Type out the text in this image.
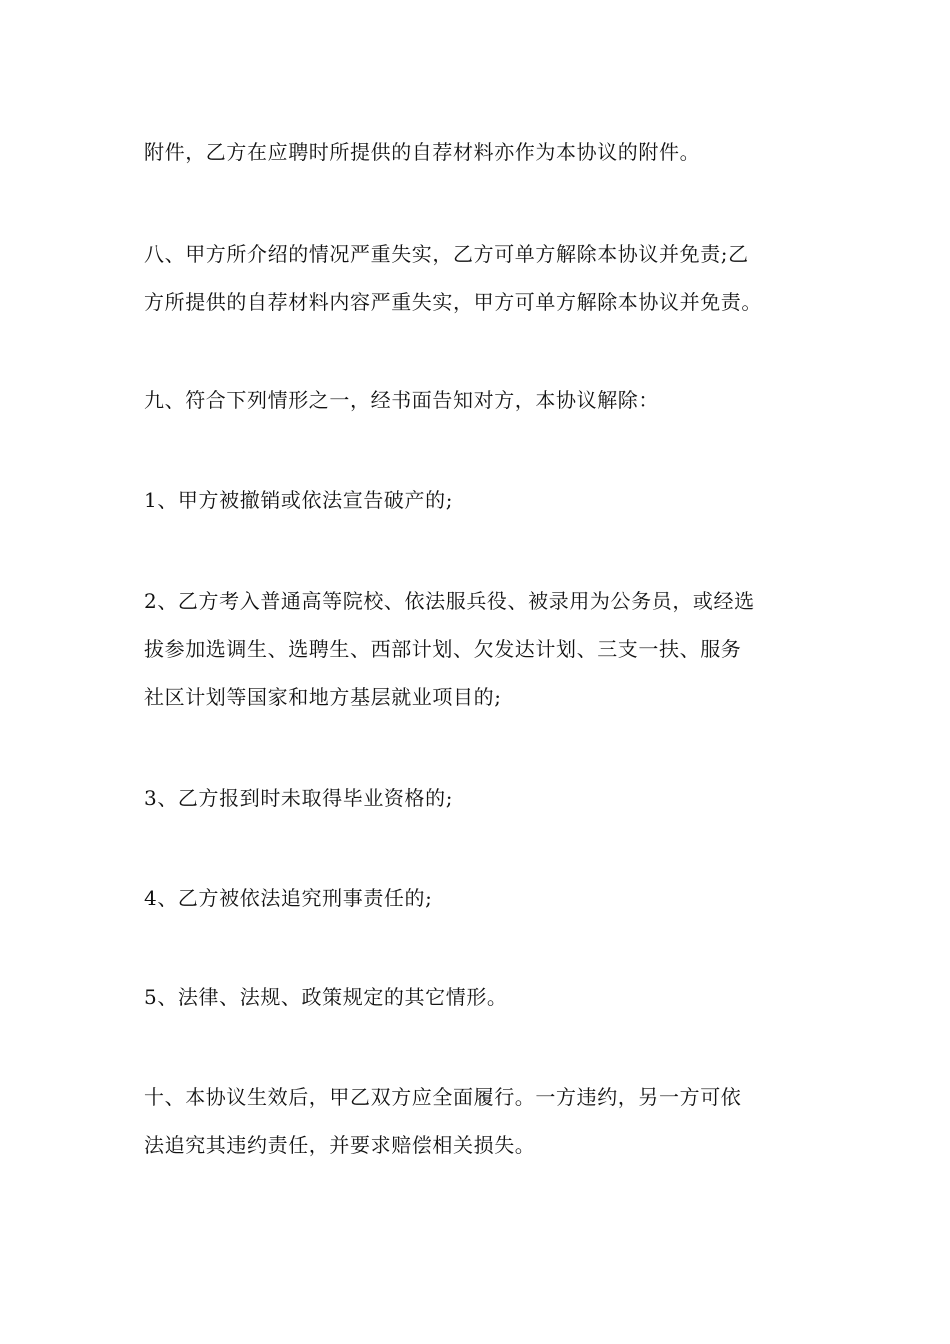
附件，乙方在应聘时所提供的自荐材料亦作为本协议的附件。
八、甲方所介绍的情况严重失实，乙方可单方解除本协议并免责;乙
方所提供的自荐材料内容严重失实，甲方可单方解除本协议并免责。
九、符合下列情形之一，经书面告知对方，本协议解除：
1、甲方被撤销或依法宣告破产的;
2、乙方考入普通高等院校、依法服兵役、被录用为公务员，或经选
拔参加选调生、选聘生、西部计划、欠发达计划、三支一扶、服务
社区计划等国家和地方基层就业项目的;
3、乙方报到时未取得毕业资格的;
4、乙方被依法追究刑事责任的;
5、法律、法规、政策规定的其它情形。
十、本协议生效后，甲乙双方应全面履行。一方违约，另一方可依
法追究其违约责任，并要求赔偿相关损失。
